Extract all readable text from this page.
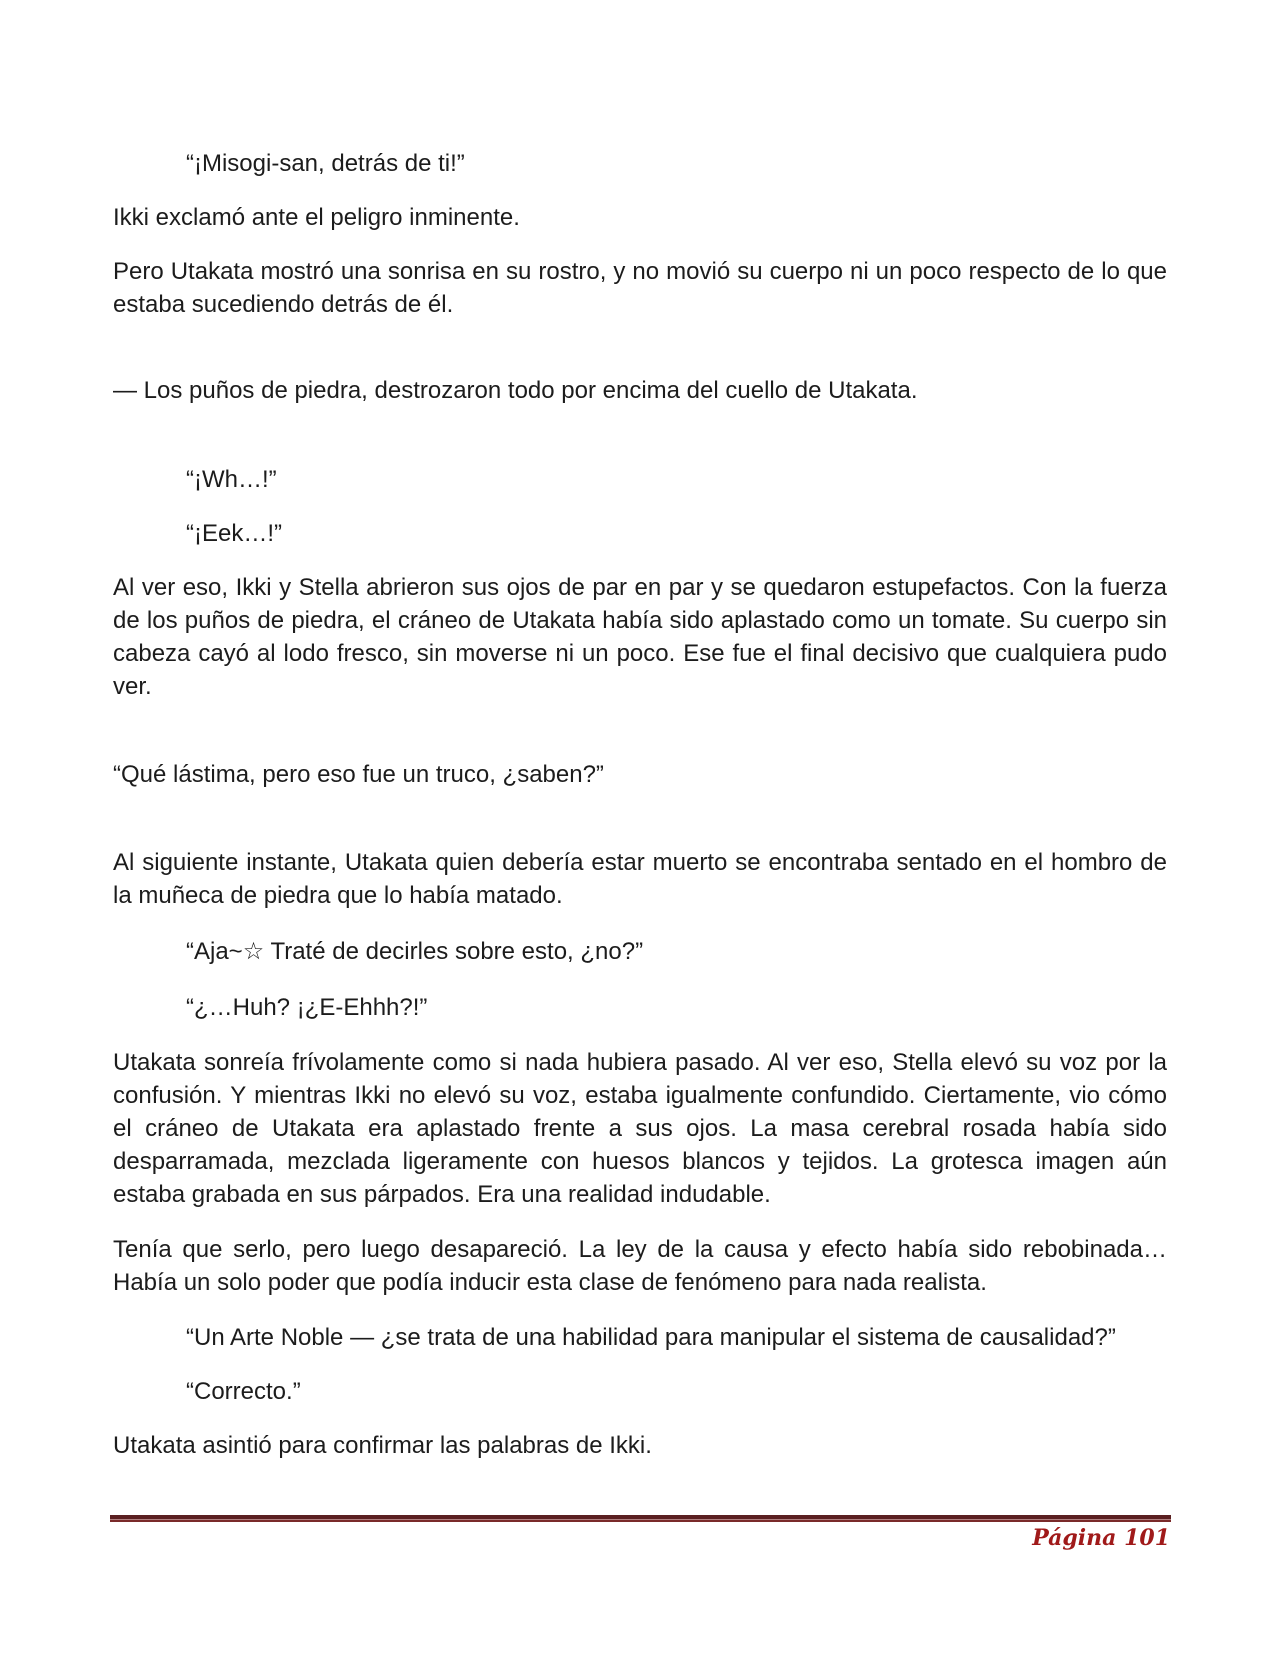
“¡Misogi-san, detrás de ti!”

Ikki exclamó ante el peligro inminente.

Pero Utakata mostró una sonrisa en su rostro, y no movió su cuerpo ni un poco respecto de lo que estaba sucediendo detrás de él.

— Los puños de piedra, destrozaron todo por encima del cuello de Utakata.

“¡Wh…!”

“¡Eek…!”

Al ver eso, Ikki y Stella abrieron sus ojos de par en par y se quedaron estupefactos. Con la fuerza de los puños de piedra, el cráneo de Utakata había sido aplastado como un tomate. Su cuerpo sin cabeza cayó al lodo fresco, sin moverse ni un poco. Ese fue el final decisivo que cualquiera pudo ver.

“Qué lástima, pero eso fue un truco, ¿saben?”

Al siguiente instante, Utakata quien debería estar muerto se encontraba sentado en el hombro de la muñeca de piedra que lo había matado.

“Aja~☆ Traté de decirles sobre esto, ¿no?”

“¿…Huh? ¡¿E-Ehhh?!”

Utakata sonreía frívolamente como si nada hubiera pasado. Al ver eso, Stella elevó su voz por la confusión. Y mientras Ikki no elevó su voz, estaba igualmente confundido. Ciertamente, vio cómo el cráneo de Utakata era aplastado frente a sus ojos. La masa cerebral rosada había sido desparramada, mezclada ligeramente con huesos blancos y tejidos. La grotesca imagen aún estaba grabada en sus párpados. Era una realidad indudable.

Tenía que serlo, pero luego desapareció. La ley de la causa y efecto había sido rebobinada… Había un solo poder que podía inducir esta clase de fenómeno para nada realista.

“Un Arte Noble — ¿se trata de una habilidad para manipular el sistema de causalidad?”

“Correcto.”

Utakata asintió para confirmar las palabras de Ikki.

Página 101
